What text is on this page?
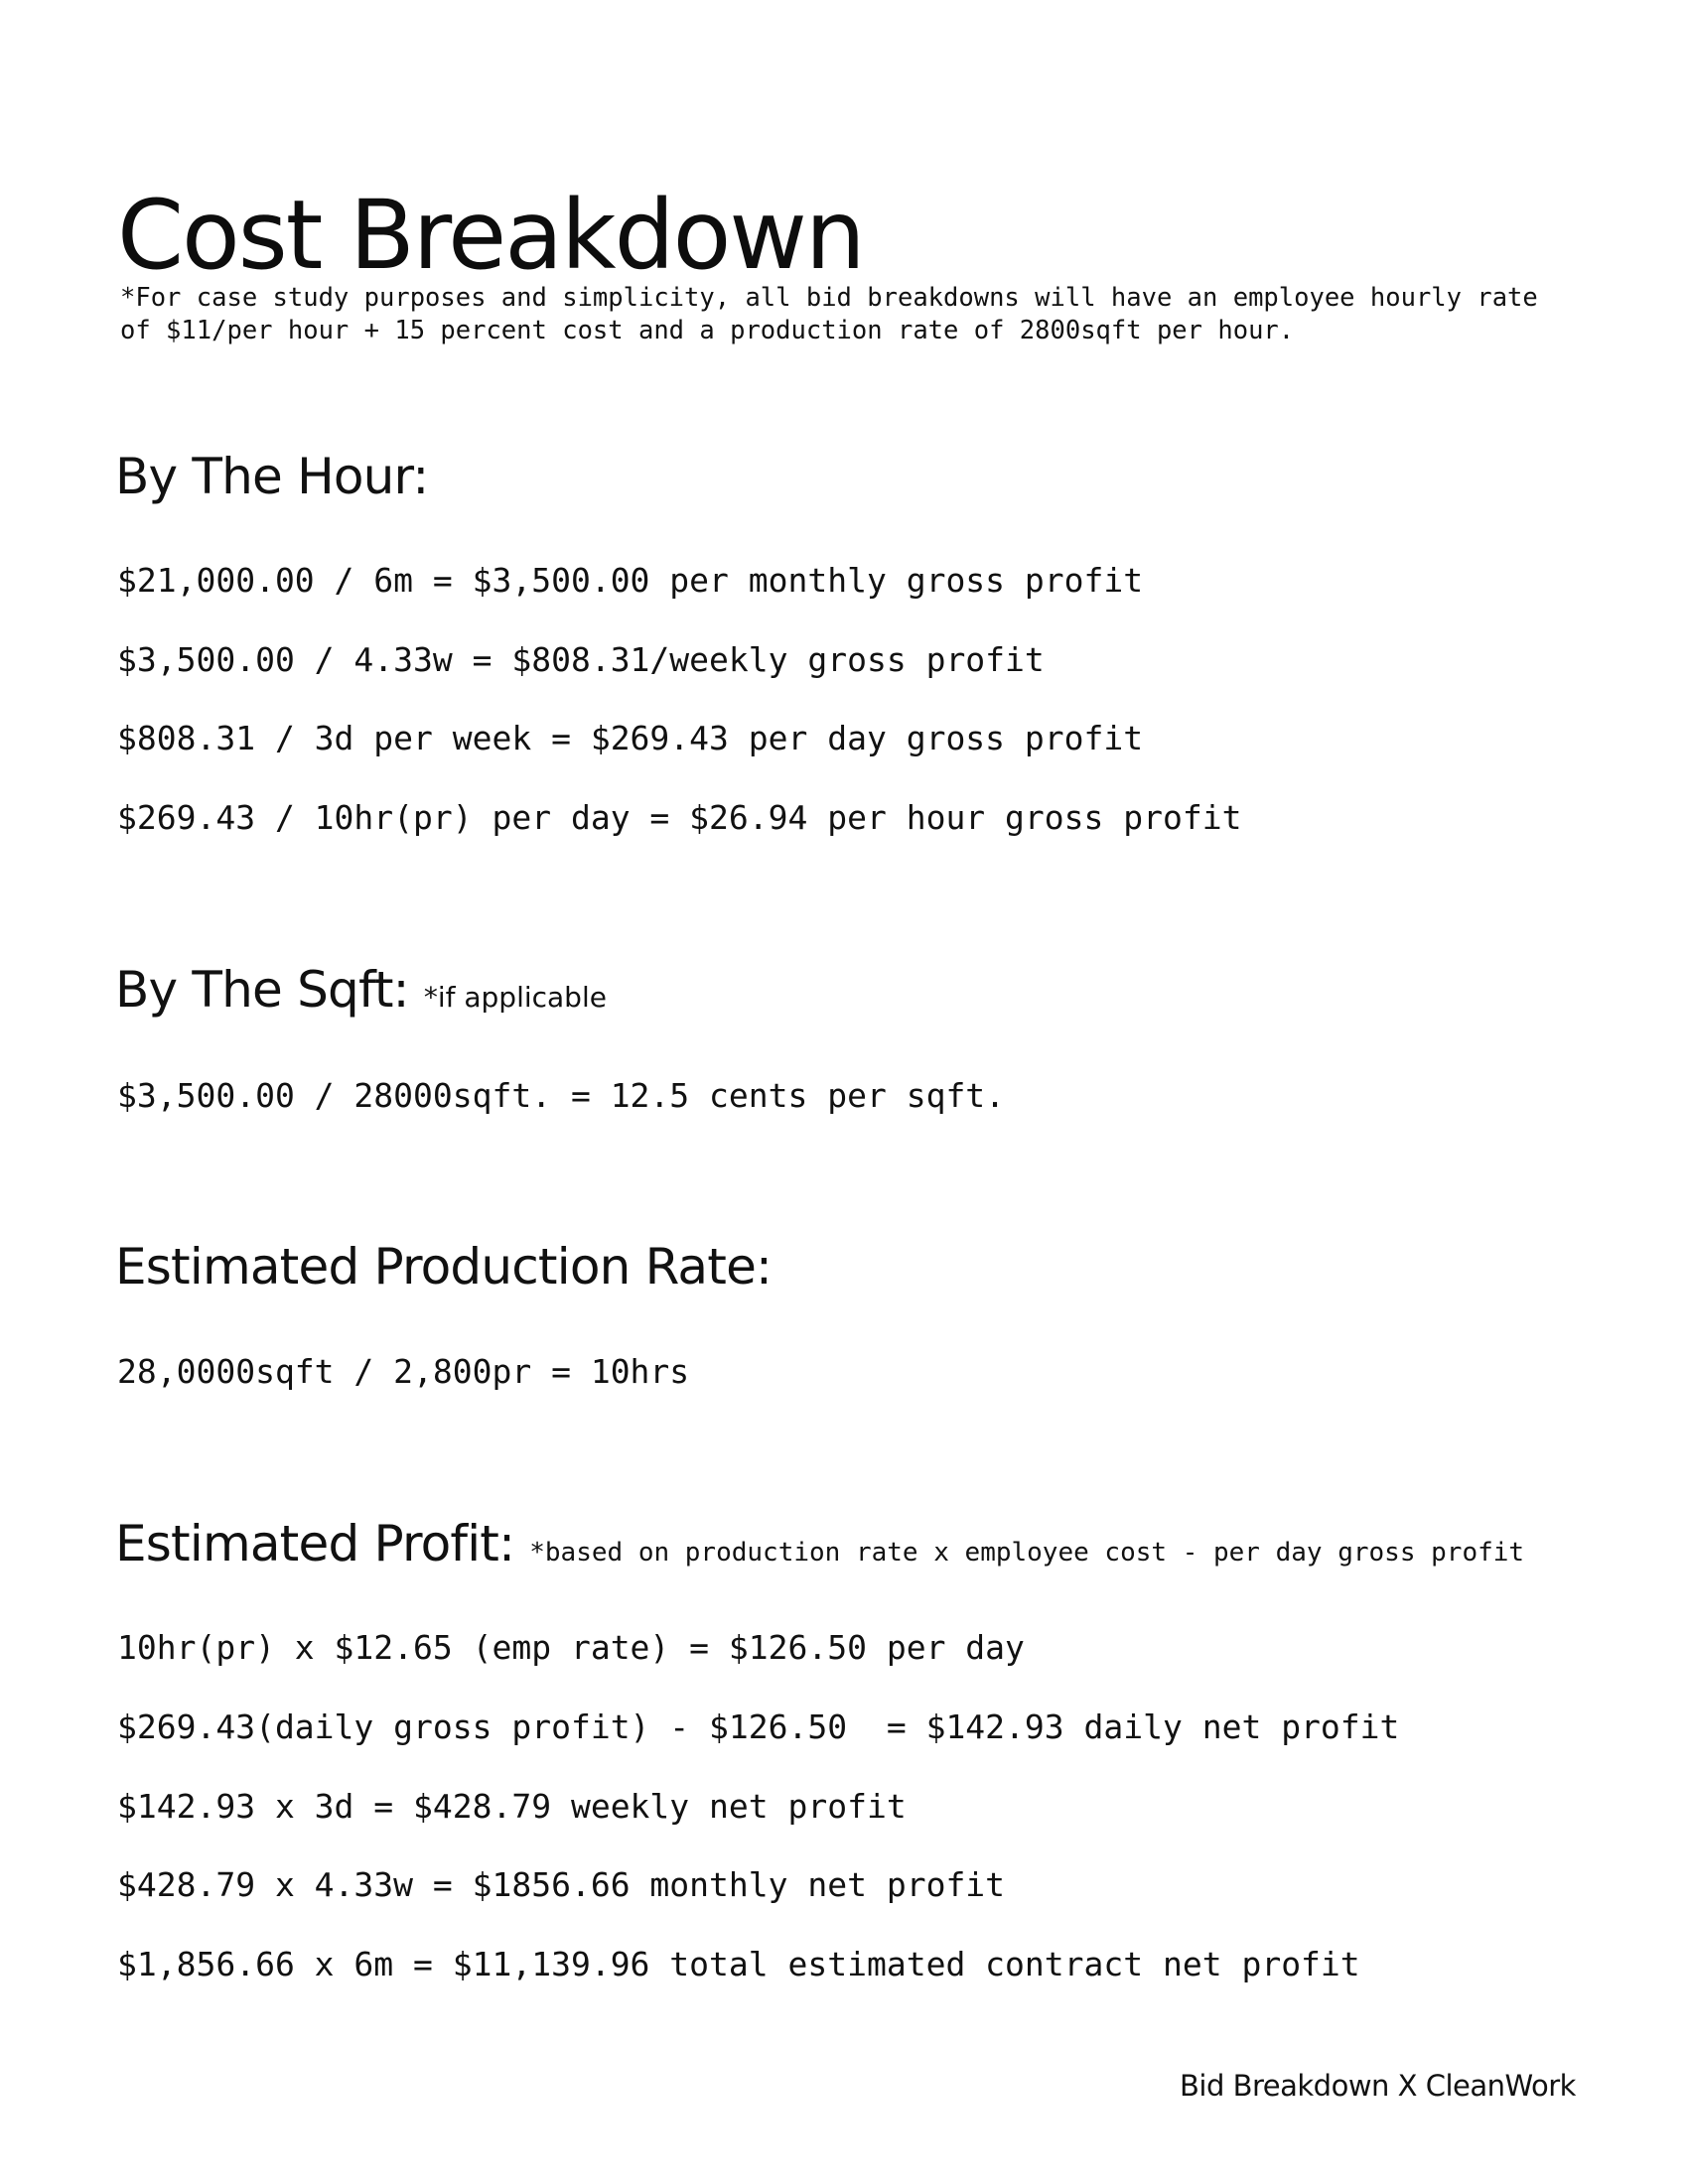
Cost Breakdown

*For case study purposes and simplicity, all bid breakdowns will have an employee hourly rate of $11/per hour + 15 percent cost and a production rate of 2800sqft per hour.

By The Hour:

$21,000.00 / 6m = $3,500.00 per monthly gross profit

$3,500.00 / 4.33w = $808.31/weekly gross profit

$808.31 / 3d per week = $269.43 per day gross profit

$269.43 / 10hr(pr) per day = $26.94 per hour gross profit

By The Sqft: *if applicable

$3,500.00 / 28000sqft. = 12.5 cents per sqft.

Estimated Production Rate:

28,0000sqft / 2,800pr = 10hrs

Estimated Profit: *based on production rate x employee cost - per day gross profit

10hr(pr) x $12.65 (emp rate) = $126.50 per day

$269.43(daily gross profit) - $126.50  = $142.93 daily net profit

$142.93 x 3d = $428.79 weekly net profit

$428.79 x 4.33w = $1856.66 monthly net profit

$1,856.66 x 6m = $11,139.96 total estimated contract net profit

Bid Breakdown X CleanWork
